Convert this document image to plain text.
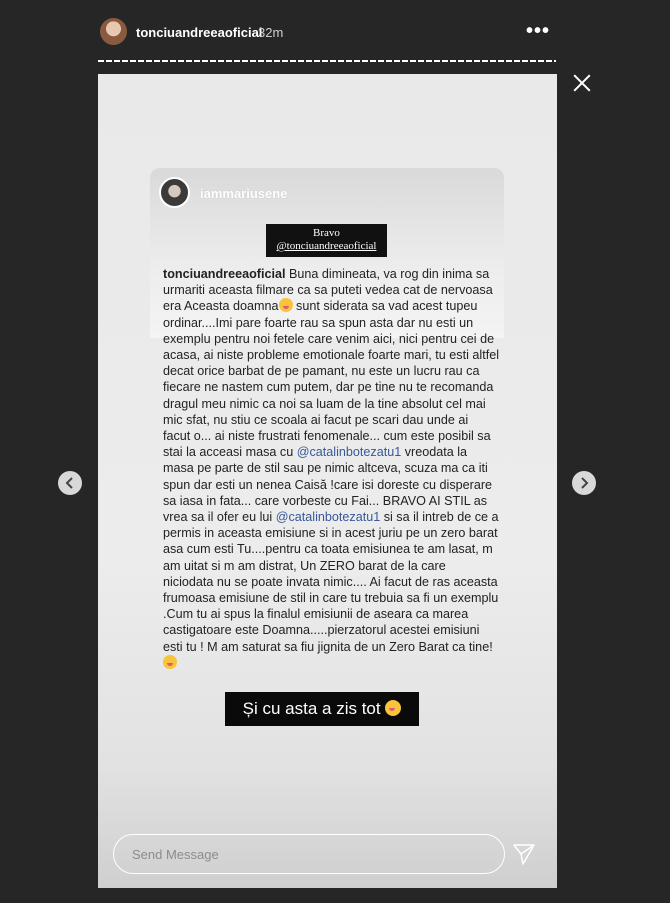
tonciuandreeaoficial
32m	•••
iammariusene
Bravo
@tonciuandreeaoficial
tonciuandreeaoficial Buna dimineata, va rog din inima sa urmariti aceasta filmare ca sa puteti vedea cat de nervoasa era Aceasta doamna sunt siderata sa vad acest tupeu ordinar....Imi pare foarte rau sa spun asta dar nu esti un exemplu pentru noi fetele care venim aici, nici pentru cei de acasa, ai niste probleme emotionale foarte mari, tu esti altfel decat orice barbat de pe pamant, nu este un lucru rau ca fiecare ne nastem cum putem, dar pe tine nu te recomanda dragul meu nimic ca noi sa luam de la tine absolut cel mai mic sfat, nu stiu ce scoala ai facut pe scari dau unde ai facut o... ai niste frustrati fenomenale... cum este posibil sa stai la acceasi masa cu @catalinbotezatu1 vreodata la masa pe parte de stil sau pe nimic altceva, scuza ma ca iti spun dar esti un nenea Caisă !care isi doreste cu disperare sa iasa in fata... care vorbeste cu Fai... BRAVO AI STIL as vrea sa il ofer eu lui @catalinbotezatu1 si sa il intreb de ce a permis in aceasta emisiune si in acest juriu pe un zero barat asa cum esti Tu....pentru ca toata emisiunea te am lasat, m am uitat si m am distrat, Un ZERO barat de la care niciodata nu se poate invata nimic.... Ai facut de ras aceasta frumoasa emisiune de stil in care tu trebuia sa fi un exemplu .Cum tu ai spus la finalul emisiunii de aseara ca marea castigatoare este Doamna.....pierzatorul acestei emisiuni esti tu ! M am saturat sa fiu jignita de un Zero Barat ca tine!
Și cu asta a zis tot
Send Message
